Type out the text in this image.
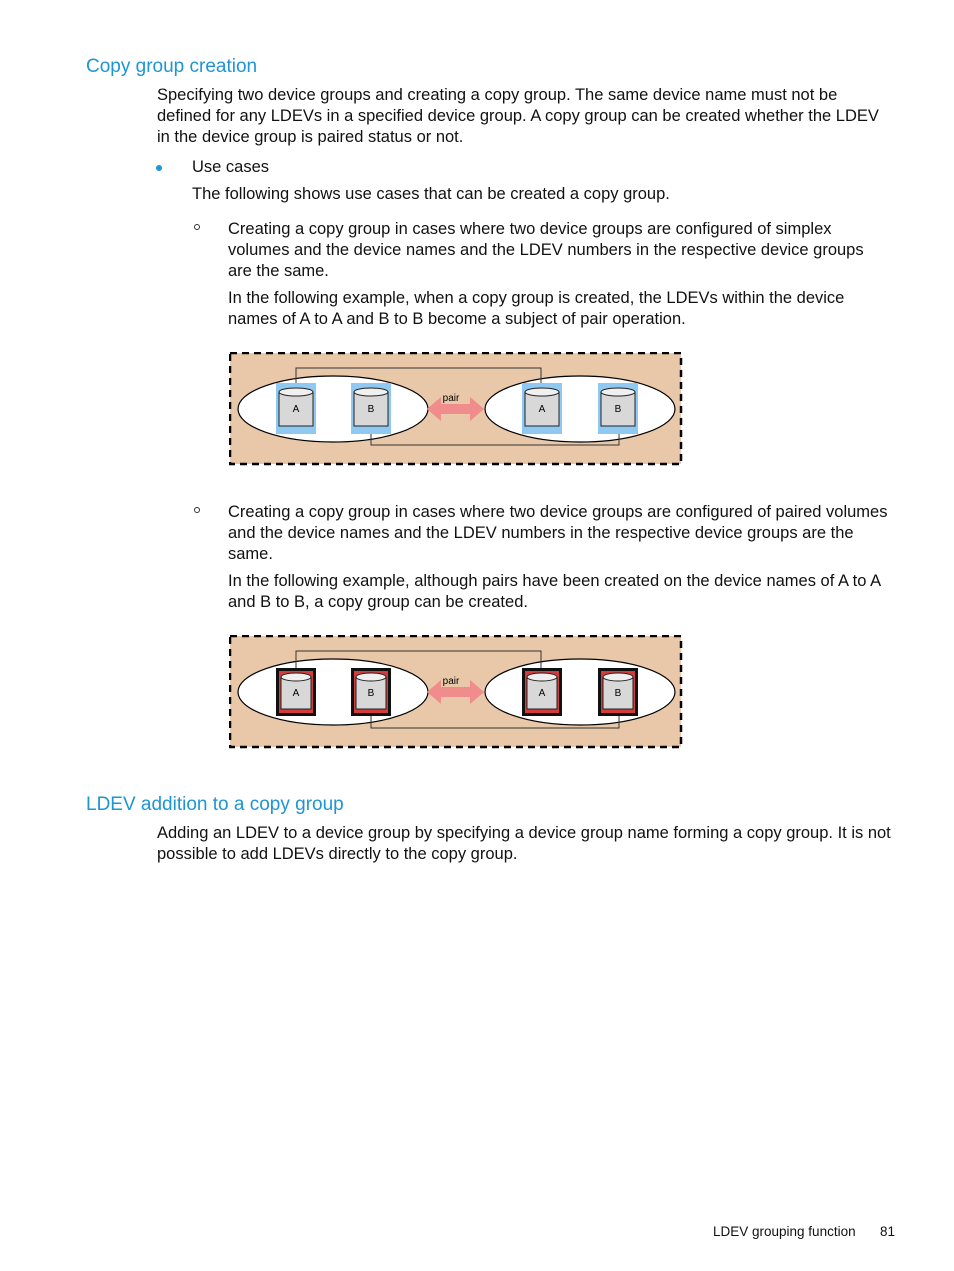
Copy group creation

Specifying two device groups and creating a copy group. The same device name must not be defined for any LDEVs in a specified device group. A copy group can be created whether the LDEV in the device group is paired status or not.

Use cases

The following shows use cases that can be created a copy group.

Creating a copy group in cases where two device groups are configured of simplex volumes and the device names and the LDEV numbers in the respective device groups are the same.

In the following example, when a copy group is created, the LDEVs within the device names of A to A and B to B become a subject of pair operation.

A	B	A	B
pair

Creating a copy group in cases where two device groups are configured of paired volumes and the device names and the LDEV numbers in the respective device groups are the same.

In the following example, although pairs have been created on the device names of A to A and B to B, a copy group can be created.

A	B	A	B
pair
LDEV addition to a copy group

Adding an LDEV to a device group by specifying a device group name forming a copy group. It is not possible to add LDEVs directly to the copy group.

LDEV grouping function 81
